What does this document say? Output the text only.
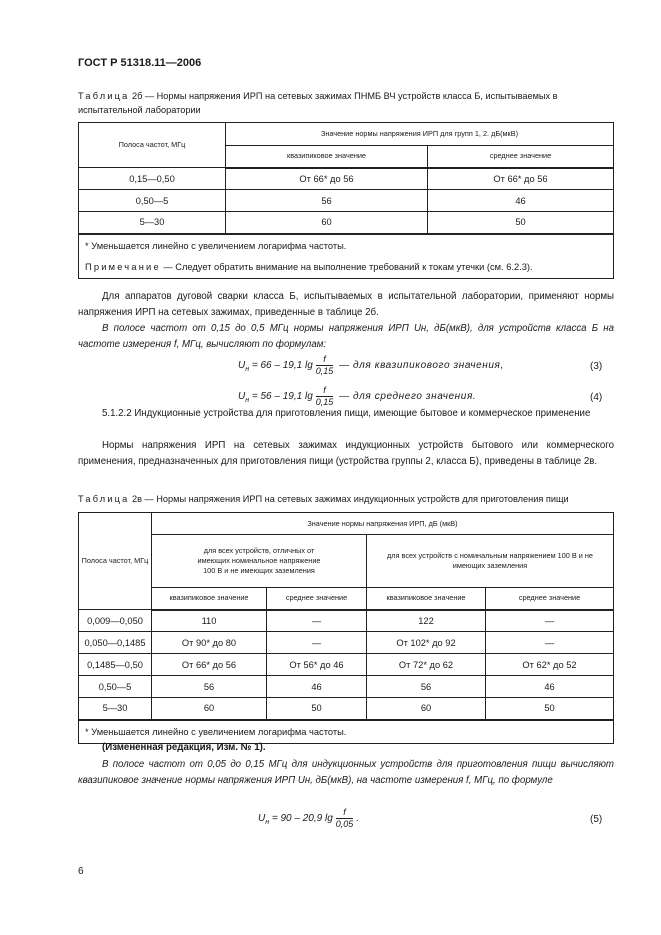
ГОСТ Р 51318.11—2006
Таблица 2б — Нормы напряжения ИРП на сетевых зажимах ПНМБ ВЧ устройств класса Б, испытываемых в испытательной лаборатории
Полоса частот, МГц	Значение нормы напряжения ИРП для групп 1, 2. дБ(мкВ)	
	квазипиковое значение	среднее значение
0,15—0,50	От 66* до 56	От 66* до 56
0,50—5	56	46
5—30	60	50

* Уменьшается линейно с увеличением логарифма частоты.
Примечание — Следует обратить внимание на выполнение требований к токам утечки (см. 6.2.3).		
Для аппаратов дуговой сварки класса Б, испытываемых в испытательной лаборатории, применяют нормы напряжения ИРП на сетевых зажимах, приведенные в таблице 2б.
В полосе частот от 0,15 до 0,5 МГц нормы напряжения ИРП Uн, дБ(мкВ), для устройств класса Б на частоте измерения f, МГц, вычисляют по формулам:
$U_н = 66 - 19,1$ $\lg \frac{f}{0,15}$ — для квазипикового значения,	(3)
$U_н = 56 - 19,1$ $\lg \frac{f}{0,15}$ — для среднего значения.	(4)
5.1.2.2 Индукционные устройства для приготовления пищи, имеющие бытовое и коммерческое применение
Нормы напряжения ИРП на сетевых зажимах индукционных устройств бытового или коммерческого применения, предназначенных для приготовления пищи (устройства группы 2, класса Б), приведены в таблице 2в.
Таблица 2в — Нормы напряжения ИРП на сетевых зажимах индукционных устройств для приготовления пищи
Полоса частот, МГц	Значение нормы напряжения ИРП, дБ (мкВ)			
	для всех устройств, отличных от имеющих номинальное напряжение 100 В и не имеющих заземления		для всех устройств с номинальным напряжением 100 В и не имеющих заземления	
	квазипиковое значение	среднее значение	квазипиковое значение	среднее значение
0,009—0,050	110	—	122	—
0,050—0,1485	От 90* до 80	—	От 102* до 92	—
0,1485—0,50	От 66* до 56	От 56* до 46	От 72* до 62	От 62* до 52
0,50—5	56	46	56	46
5—30	60	50	60	50
* Уменьшается линейно с увеличением логарифма частоты.				
(Измененная редакция, Изм. № 1).
В полосе частот от 0,05 до 0,15 МГц для индукционных устройств для приготовления пищи вычисляют квазипиковое значение нормы напряжения ИРП Uн, дБ(мкВ), на частоте измерения f, МГц, по формуле
$U_н = 90 - 20,9$ $\lg \frac{f}{0,05}$ .	(5)
6
